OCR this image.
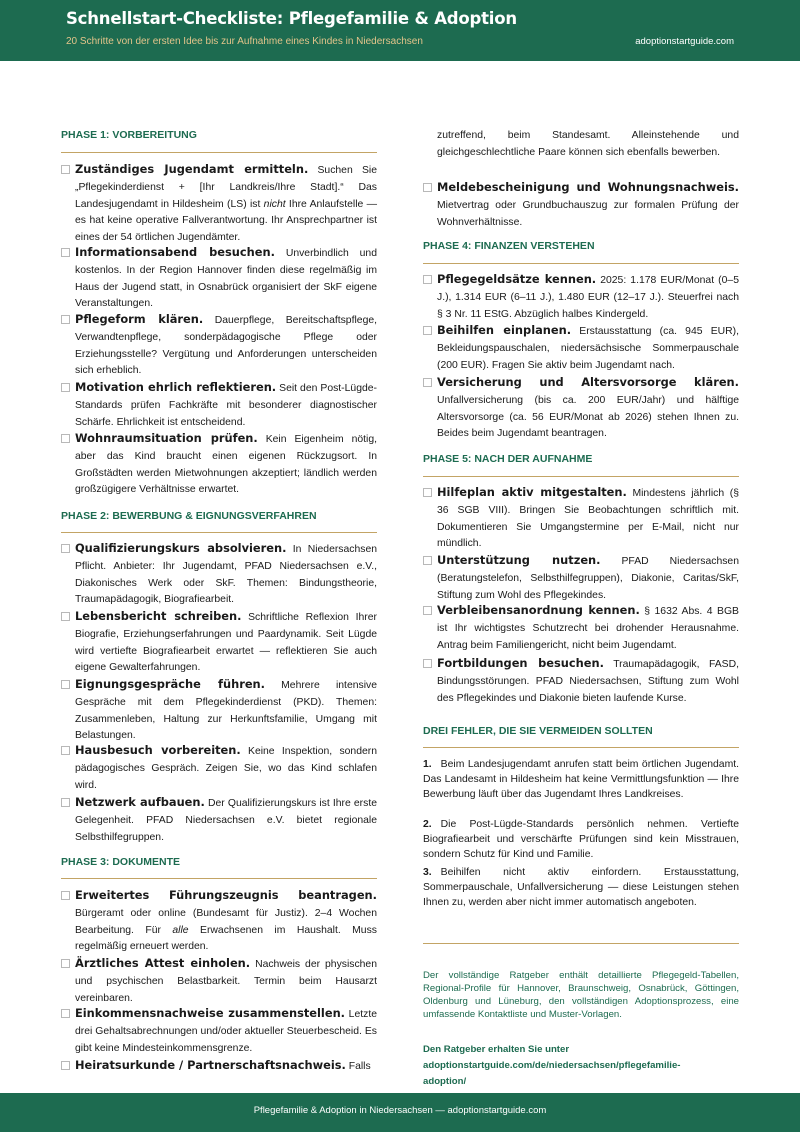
Schnellstart-Checkliste: Pflegefamilie & Adoption
20 Schritte von der ersten Idee bis zur Aufnahme eines Kindes in Niedersachsen	adoptionstartguide.com
PHASE 1: VORBEREITUNG
Zuständiges Jugendamt ermitteln. Suchen Sie „Pflegekinderdienst + [Ihr Landkreis/Ihre Stadt].“ Das Landesjugendamt in Hildesheim (LS) ist nicht Ihre Anlaufstelle — es hat keine operative Fallverantwortung. Ihr Ansprechpartner ist eines der 54 örtlichen Jugendämter.
Informationsabend besuchen. Unverbindlich und kostenlos. In der Region Hannover finden diese regelmäßig im Haus der Jugend statt, in Osnabrück organisiert der SkF eigene Veranstaltungen.
Pflegeform klären. Dauerpflege, Bereitschaftspflege, Verwandtenpflege, sonderpädagogische Pflege oder Erziehungsstelle? Vergütung und Anforderungen unterscheiden sich erheblich.
Motivation ehrlich reflektieren. Seit den Post-Lügde-Standards prüfen Fachkräfte mit besonderer diagnostischer Schärfe. Ehrlichkeit ist entscheidend.
Wohnraumsituation prüfen. Kein Eigenheim nötig, aber das Kind braucht einen eigenen Rückzugsort. In Großstädten werden Mietwohnungen akzeptiert; ländlich werden großzügigere Verhältnisse erwartet.
PHASE 2: BEWERBUNG & EIGNUNGSVERFAHREN
Qualifizierungskurs absolvieren. In Niedersachsen Pflicht. Anbieter: Ihr Jugendamt, PFAD Niedersachsen e.V., Diakonisches Werk oder SkF. Themen: Bindungstheorie, Traumapädagogik, Biografiearbeit.
Lebensbericht schreiben. Schriftliche Reflexion Ihrer Biografie, Erziehungserfahrungen und Paardynamik. Seit Lügde wird vertiefte Biografiearbeit erwartet — reflektieren Sie auch eigene Gewalterfahrungen.
Eignungsgespräche führen. Mehrere intensive Gespräche mit dem Pflegekinderdienst (PKD). Themen: Zusammenleben, Haltung zur Herkunftsfamilie, Umgang mit Belastungen.
Hausbesuch vorbereiten. Keine Inspektion, sondern pädagogisches Gespräch. Zeigen Sie, wo das Kind schlafen wird.
Netzwerk aufbauen. Der Qualifizierungskurs ist Ihre erste Gelegenheit. PFAD Niedersachsen e.V. bietet regionale Selbsthilfegruppen.
PHASE 3: DOKUMENTE
Erweitertes Führungszeugnis beantragen. Bürgeramt oder online (Bundesamt für Justiz). 2–4 Wochen Bearbeitung. Für alle Erwachsenen im Haushalt. Muss regelmäßig erneuert werden.
Ärztliches Attest einholen. Nachweis der physischen und psychischen Belastbarkeit. Termin beim Hausarzt vereinbaren.
Einkommensnachweise zusammenstellen. Letzte drei Gehaltsabrechnungen und/oder aktueller Steuerbescheid. Es gibt keine Mindesteinkommensgrenze.
Heiratsurkunde / Partnerschaftsnachweis. Falls
zutreffend, beim Standesamt. Alleinstehende und gleichgeschlechtliche Paare können sich ebenfalls bewerben.
Meldebescheinigung und Wohnungsnachweis. Mietvertrag oder Grundbuchauszug zur formalen Prüfung der Wohnverhältnisse.
PHASE 4: FINANZEN VERSTEHEN
Pflegegeldsätze kennen. 2025: 1.178 EUR/Monat (0–5 J.), 1.314 EUR (6–11 J.), 1.480 EUR (12–17 J.). Steuerfrei nach § 3 Nr. 11 EStG. Abzüglich halbes Kindergeld.
Beihilfen einplanen. Erstausstattung (ca. 945 EUR), Bekleidungspauschalen, niedersächsische Sommerpauschale (200 EUR). Fragen Sie aktiv beim Jugendamt nach.
Versicherung und Altersvorsorge klären. Unfallversicherung (bis ca. 200 EUR/Jahr) und hälftige Altersvorsorge (ca. 56 EUR/Monat ab 2026) stehen Ihnen zu. Beides beim Jugendamt beantragen.
PHASE 5: NACH DER AUFNAHME
Hilfeplan aktiv mitgestalten. Mindestens jährlich (§ 36 SGB VIII). Bringen Sie Beobachtungen schriftlich mit. Dokumentieren Sie Umgangstermine per E-Mail, nicht nur mündlich.
Unterstützung nutzen. PFAD Niedersachsen (Beratungstelefon, Selbsthilfegruppen), Diakonie, Caritas/SkF, Stiftung zum Wohl des Pflegekindes.
Verbleibensanordnung kennen. § 1632 Abs. 4 BGB ist Ihr wichtigstes Schutzrecht bei drohender Herausnahme. Antrag beim Familiengericht, nicht beim Jugendamt.
Fortbildungen besuchen. Traumapädagogik, FASD, Bindungsstörungen. PFAD Niedersachsen, Stiftung zum Wohl des Pflegekindes und Diakonie bieten laufende Kurse.
DREI FEHLER, DIE SIE VERMEIDEN SOLLTEN
1. Beim Landesjugendamt anrufen statt beim örtlichen Jugendamt. Das Landesamt in Hildesheim hat keine Vermittlungsfunktion — Ihre Bewerbung läuft über das Jugendamt Ihres Landkreises.
2. Die Post-Lügde-Standards persönlich nehmen. Vertiefte Biografiearbeit und verschärfte Prüfungen sind kein Misstrauen, sondern Schutz für Kind und Familie.
3. Beihilfen nicht aktiv einfordern. Erstausstattung, Sommerpauschale, Unfallversicherung — diese Leistungen stehen Ihnen zu, werden aber nicht immer automatisch angeboten.
Der vollständige Ratgeber enthält detaillierte Pflegegeld-Tabellen, Regional-Profile für Hannover, Braunschweig, Osnabrück, Göttingen, Oldenburg und Lüneburg, den vollständigen Adoptionsprozess, eine umfassende Kontaktliste und Muster-Vorlagen.
Den Ratgeber erhalten Sie unter
adoptionstartguide.com/de/niedersachsen/pflegefamilie-
adoption/
Pflegefamilie & Adoption in Niedersachsen — adoptionstartguide.com
